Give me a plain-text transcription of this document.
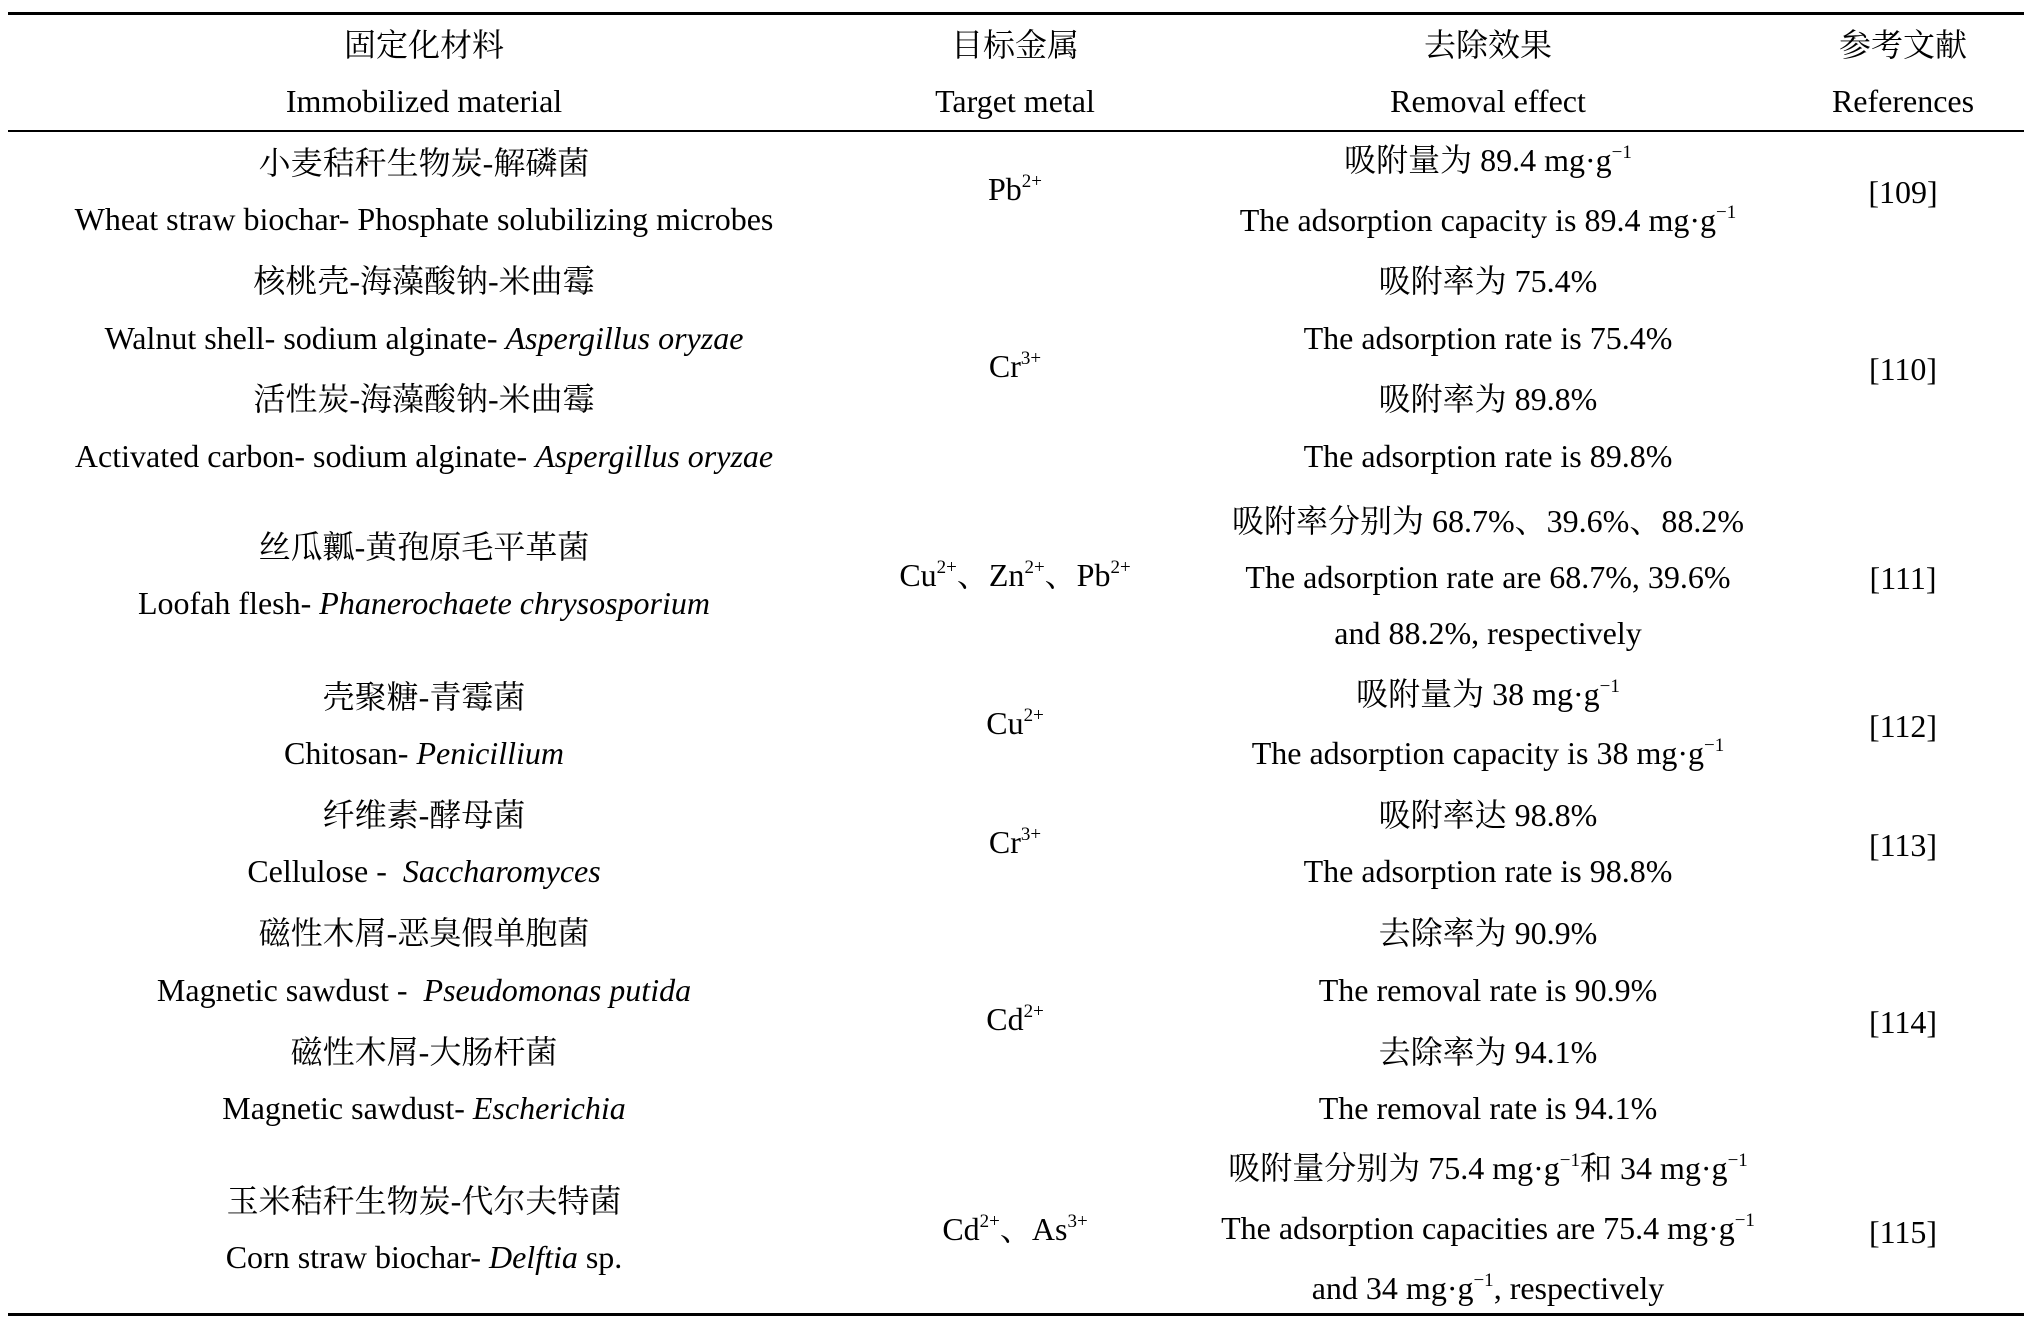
固定化材料
Immobilized material
目标金属
Target metal
去除效果
Removal effect
参考文献
References
小麦秸秆生物炭-解磷菌
Wheat straw biochar- Phosphate solubilizing microbes
$Pb^{2+}$
吸附量为 89.4 $mg\cdot g^{-1}$
The adsorption capacity is 89.4 $mg\cdot g^{-1}$
[109]
核桃壳-海藻酸钠-米曲霉
Walnut shell- sodium alginate- Aspergillus oryzae
活性炭-海藻酸钠-米曲霉
Activated carbon- sodium alginate- Aspergillus oryzae
$Cr^{3+}$
吸附率为 75.4%
The adsorption rate is 75.4%
吸附率为 89.8%
The adsorption rate is 89.8%
[110]
丝瓜瓤-黄孢原毛平革菌
Loofah flesh- Phanerochaete chrysosporium
$Cu^{2+}$、$Zn^{2+}$、$Pb^{2+}$
吸附率分别为 68.7%、39.6%、88.2%
The adsorption rate are 68.7%, 39.6%
and 88.2%, respectively
[111]
壳聚糖-青霉菌
Chitosan- Penicillium
$Cu^{2+}$
吸附量为 38 $mg\cdot g^{-1}$
The adsorption capacity is 38 $mg\cdot g^{-1}$
[112]
纤维素-酵母菌
Cellulose -  Saccharomyces
$Cr^{3+}$
吸附率达 98.8%
The adsorption rate is 98.8%
[113]
磁性木屑-恶臭假单胞菌
Magnetic sawdust -  Pseudomonas putida
磁性木屑-大肠杆菌
Magnetic sawdust- Escherichia
$Cd^{2+}$
去除率为 90.9%
The removal rate is 90.9%
去除率为 94.1%
The removal rate is 94.1%
[114]
玉米秸秆生物炭-代尔夫特菌
Corn straw biochar- Delftia sp.
$Cd^{2+}$、$As^{3+}$
吸附量分别为 75.4 $mg\cdot g^{-1}$和 34 $mg\cdot g^{-1}$
The adsorption capacities are 75.4 $mg\cdot g^{-1}$
and 34 $mg\cdot g^{-1}$, respectively
[115]
